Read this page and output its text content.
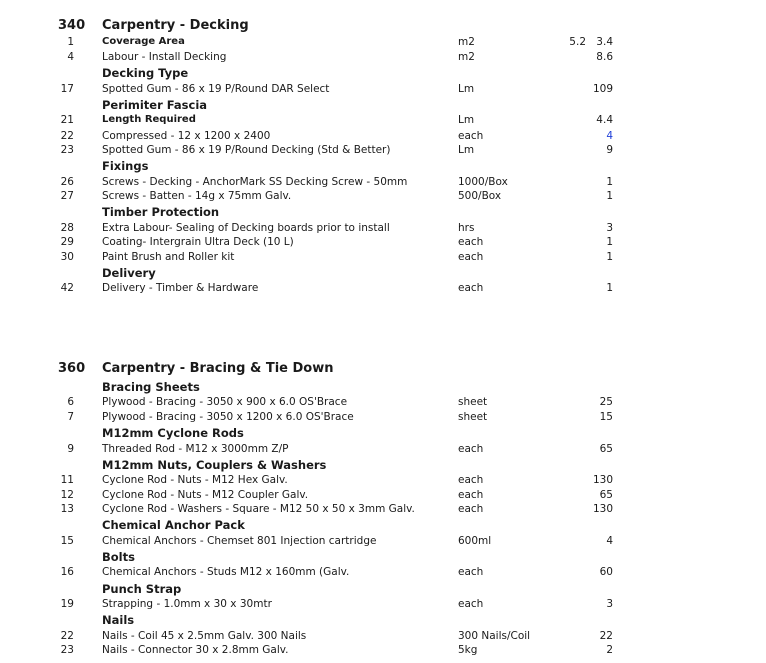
340 Carpentry - Decking
1	Coverage Area	m2	5.2 3.4
4	Labour - Install Decking	m2	8.6
Decking Type
17	Spotted Gum - 86 x 19 P/Round DAR Select	Lm	109
Perimiter Fascia
21	Length Required	Lm	4.4
22	Compressed - 12 x 1200 x 2400	each	4
23	Spotted Gum - 86 x 19 P/Round Decking (Std & Better)	Lm	9
Fixings
26	Screws - Decking - AnchorMark SS Decking Screw - 50mm	1000/Box	1
27	Screws - Batten - 14g x 75mm Galv.	500/Box	1
Timber Protection
28	Extra Labour- Sealing of Decking boards prior to install	hrs	3
29	Coating- Intergrain Ultra Deck (10 L)	each	1
30	Paint Brush and Roller kit	each	1
Delivery
42	Delivery - Timber & Hardware	each	1
360 Carpentry - Bracing & Tie Down
Bracing Sheets
6	Plywood - Bracing - 3050 x 900 x 6.0 OS'Brace	sheet	25
7	Plywood - Bracing - 3050 x 1200 x 6.0 OS'Brace	sheet	15
M12mm Cyclone Rods
9	Threaded Rod - M12 x 3000mm Z/P	each	65
M12mm Nuts, Couplers & Washers
11	Cyclone Rod - Nuts - M12 Hex Galv.	each	130
12	Cyclone Rod - Nuts - M12 Coupler Galv.	each	65
13	Cyclone Rod - Washers - Square - M12 50 x 50 x 3mm Galv.	each	130
Chemical Anchor Pack
15	Chemical Anchors - Chemset 801 Injection cartridge	600ml	4
Bolts
16	Chemical Anchors - Studs M12 x 160mm (Galv.	each	60
Punch Strap
19	Strapping - 1.0mm x 30 x 30mtr	each	3
Nails
22	Nails - Coil 45 x 2.5mm Galv. 300 Nails	300 Nails/Coil	22
23	Nails - Connector 30 x 2.8mm Galv.	5kg	2
